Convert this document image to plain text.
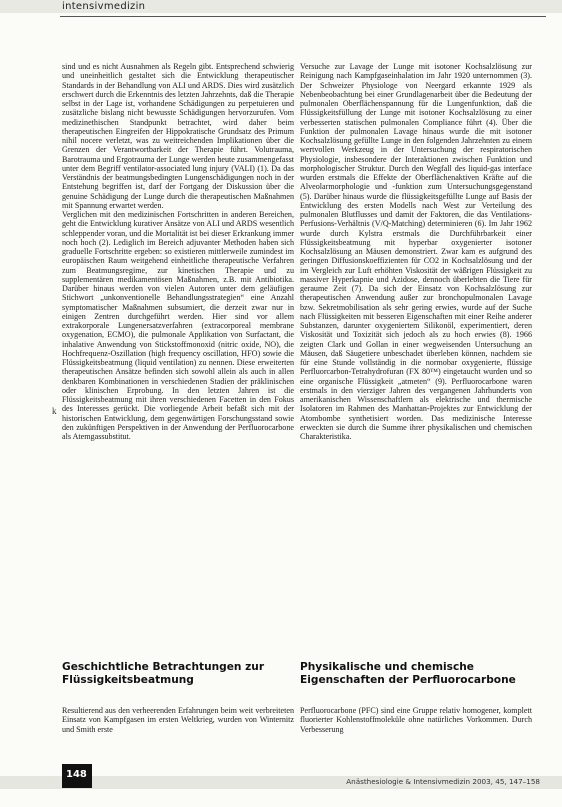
intensivmedizin

sind und es nicht Ausnahmen als Regeln gibt. Entsprechend schwierig und uneinheitlich gestaltet sich die Entwicklung therapeutischer Standards in der Behandlung von ALI und ARDS. Dies wird zusätzlich erschwert durch die Erkenntnis des letzten Jahrzehnts, daß die Therapie selbst in der Lage ist, vorhandene Schädigungen zu perpetuieren und zusätzliche bislang nicht bewusste Schädigungen hervorzurufen. Vom medizinethischen Standpunkt betrachtet, wird daher beim therapeutischen Eingreifen der Hippokratische Grundsatz des Primum nihil nocere verletzt, was zu weitreichenden Implikationen über die Grenzen der Verantwortbarkeit der Therapie führt. Volutrauma, Barotrauma und Ergotrauma der Lunge werden heute zusammengefasst unter dem Begriff ventilator-associated lung injury (VALI) (1). Da das Verständnis der beatmungsbedingten Lungenschädigungen noch in der Entstehung begriffen ist, darf der Fortgang der Diskussion über die genuine Schädigung der Lunge durch die therapeutischen Maßnahmen mit Spannung erwartet werden.

Verglichen mit den medizinischen Fortschritten in anderen Bereichen, geht die Entwicklung kurativer Ansätze von ALI und ARDS wesentlich schleppender voran, und die Mortalität ist bei dieser Erkrankung immer noch hoch (2). Lediglich im Bereich adjuvanter Methoden haben sich graduelle Fortschritte ergeben: so existieren mittlerweile zumindest im europäischen Raum weitgehend einheitliche therapeutische Verfahren zum Beatmungsregime, zur kinetischen Therapie und zu supplementären medikamentösen Maßnahmen, z.B. mit Antibiotika. Darüber hinaus werden von vielen Autoren unter dem geläufigen Stichwort „unkonventionelle Behandlungsstrategien“ eine Anzahl symptomatischer Maßnahmen subsumiert, die derzeit zwar nur in einigen Zentren durchgeführt werden. Hier sind vor allem extrakorporale Lungenersatzverfahren (extracorporeal membrane oxygenation, ECMO), die pulmonale Applikation von Surfactant, die inhalative Anwendung von Stickstoffmonoxid (nitric oxide, NO), die Hochfrequenz-Oszillation (high frequency oscillation, HFO) sowie die Flüssigkeitsbeatmung (liquid ventilation) zu nennen. Diese erweiterten therapeutischen Ansätze befinden sich sowohl allein als auch in allen denkbaren Kombinationen in verschiedenen Stadien der präklinischen oder klinischen Erprobung. In den letzten Jahren ist die Flüssigkeitsbeatmung mit ihren verschiedenen Facetten in den Fokus des Interesses gerückt. Die vorliegende Arbeit befaßt sich mit der historischen Entwicklung, dem gegenwärtigen Forschungsstand sowie den zukünftigen Perspektiven in der Anwendung der Perfluorocarbone als Atemgassubstitut.

k

Versuche zur Lavage der Lunge mit isotoner Kochsalzlösung zur Reinigung nach Kampfgaseinhalation im Jahr 1920 unternommen (3). Der Schweizer Physiologe von Neergard erkannte 1929 als Nebenbeobachtung bei einer Grundlagenarbeit über die Bedeutung der pulmonalen Oberflächenspannung für die Lungenfunktion, daß die Flüssigkeitsfüllung der Lunge mit isotoner Kochsalzlösung zu einer verbesserten statischen pulmonalen Compliance führt (4). Über die Funktion der pulmonalen Lavage hinaus wurde die mit isotoner Kochsalzlösung gefüllte Lunge in den folgenden Jahrzehnten zu einem wertvollen Werkzeug in der Untersuchung der respiratorischen Physiologie, insbesondere der Interaktionen zwischen Funktion und morphologischer Struktur. Durch den Wegfall des liquid-gas interface wurden erstmals die Effekte der Oberflächenaktiven Kräfte auf die Alveolarmorphologie und -funktion zum Untersuchungsgegenstand (5). Darüber hinaus wurde die flüssigkeitsgefüllte Lunge auf Basis der Entwicklung des ersten Modells nach West zur Verteilung des pulmonalen Blutflusses und damit der Faktoren, die das Ventilations-Perfusions-Verhältnis (V/Q-Matching) determinieren (6). Im Jahr 1962 wurde durch Kylstra erstmals die Durchführbarkeit einer Flüssigkeitsbeatmung mit hyperbar oxygenierter isotoner Kochsalzlösung an Mäusen demonstriert. Zwar kam es aufgrund des geringen Diffusionskoeffizienten für CO2 in Kochsalzlösung und der im Vergleich zur Luft erhöhten Viskosität der wäßrigen Flüssigkeit zu massiver Hyperkapnie und Azidose, dennoch überlebten die Tiere für geraume Zeit (7). Da sich der Einsatz von Kochsalzlösung zur therapeutischen Anwendung außer zur bronchopulmonalen Lavage bzw. Sekretmobilisation als sehr gering erwies, wurde auf der Suche nach Flüssigkeiten mit besseren Eigenschaften mit einer Reihe anderer Substanzen, darunter oxygeniertem Silikonöl, experimentiert, deren Viskosität und Toxizität sich jedoch als zu hoch erwies (8). 1966 zeigten Clark und Gollan in einer wegweisenden Untersuchung an Mäusen, daß Säugetiere unbeschadet überleben können, nachdem sie für eine Stunde vollständig in die normobar oxygenierte, flüssige Perfluorcarbon-Tetrahydrofuran (FX 80™) eingetaucht wurden und so eine organische Flüssigkeit „atmeten“ (9). Perfluorocarbone waren erstmals in den vierziger Jahren des vergangenen Jahrhunderts von amerikanischen Wissenschaftlern als elektrische und thermische Isolatoren im Rahmen des Manhattan-Projektes zur Entwicklung der Atombombe synthetisiert worden. Das medizinische Interesse erweckten sie durch die Summe ihrer physikalischen und chemischen Charakteristika.

Geschichtliche Betrachtungen zur Flüssigkeitsbeatmung
Physikalische und chemische Eigenschaften der Perfluorocarbone
Resultierend aus den verheerenden Erfahrungen beim weit verbreiteten Einsatz von Kampfgasen im ersten Weltkrieg, wurden von Winternitz und Smith erste
Perfluorocarbone (PFC) sind eine Gruppe relativ homogener, komplett fluorierter Kohlenstoffmoleküle ohne natürliches Vorkommen. Durch Verbesserung
148
Anästhesiologie & Intensivmedizin 2003, 45, 147–158
